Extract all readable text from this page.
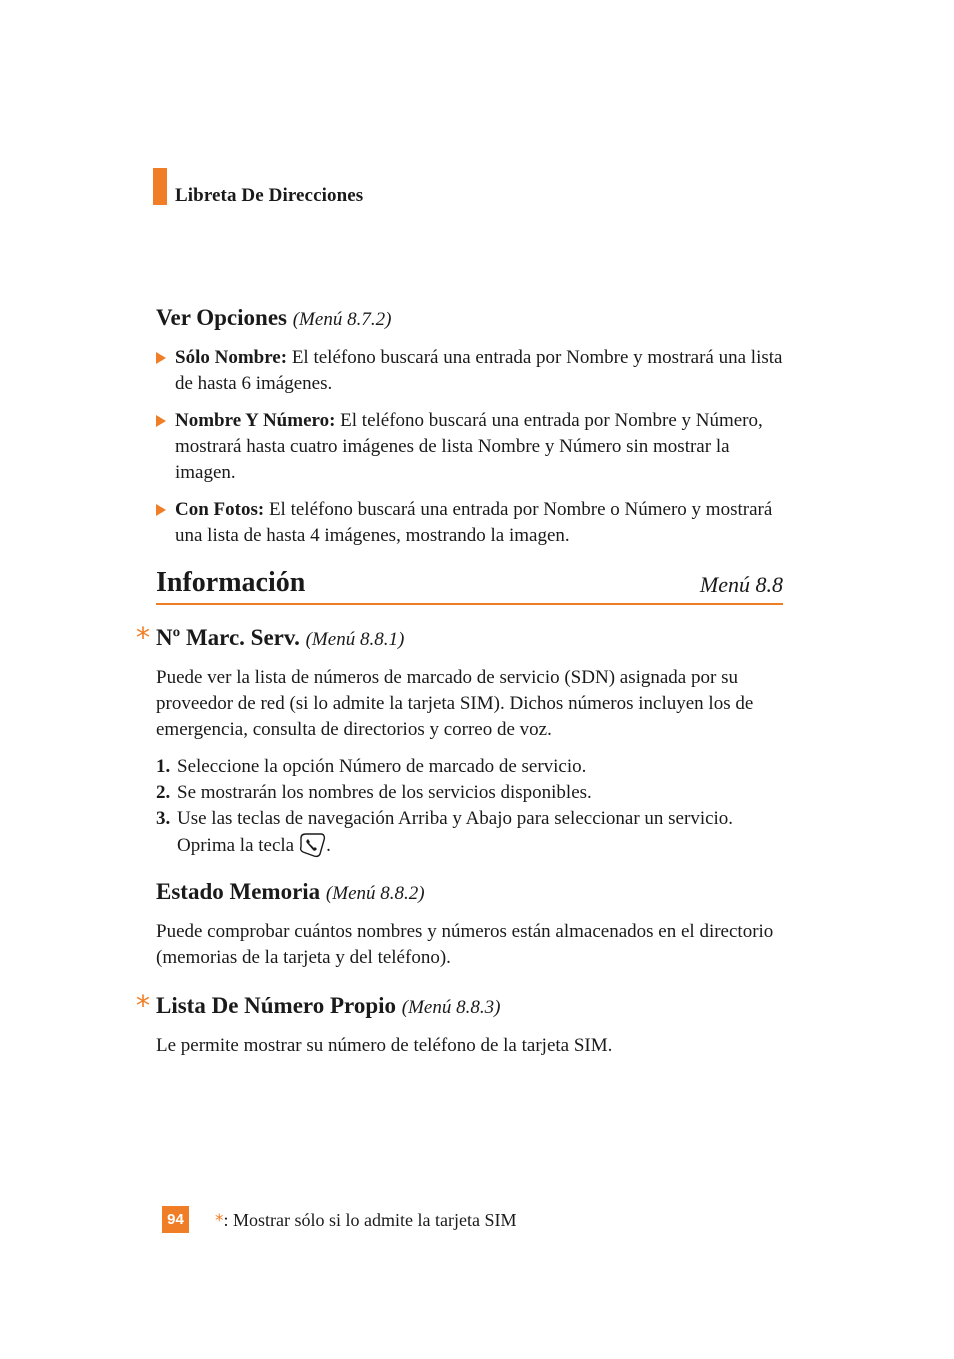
Libreta De Direcciones
Ver Opciones (Menú 8.7.2)
Sólo Nombre: El teléfono buscará una entrada por Nombre y mostrará una lista de hasta 6 imágenes.
Nombre Y Número: El teléfono buscará una entrada por Nombre y Número, mostrará hasta cuatro imágenes de lista Nombre y Número sin mostrar la imagen.
Con Fotos: El teléfono buscará una entrada por Nombre o Número y mostrará una lista de hasta 4 imágenes, mostrando la imagen.
Información	Menú 8.8
* Nº Marc. Serv. (Menú 8.8.1)
Puede ver la lista de números de marcado de servicio (SDN) asignada por su proveedor de red (si lo admite la tarjeta SIM). Dichos números incluyen los de emergencia, consulta de directorios y correo de voz.
1. Seleccione la opción Número de marcado de servicio.
2. Se mostrarán los nombres de los servicios disponibles.
3. Use las teclas de navegación Arriba y Abajo para seleccionar un servicio. Oprima la tecla .
Estado Memoria (Menú 8.8.2)
Puede comprobar cuántos nombres y números están almacenados en el directorio (memorias de la tarjeta y del teléfono).
* Lista De Número Propio (Menú 8.8.3)
Le permite mostrar su número de teléfono de la tarjeta SIM.
94	*: Mostrar sólo si lo admite la tarjeta SIM
